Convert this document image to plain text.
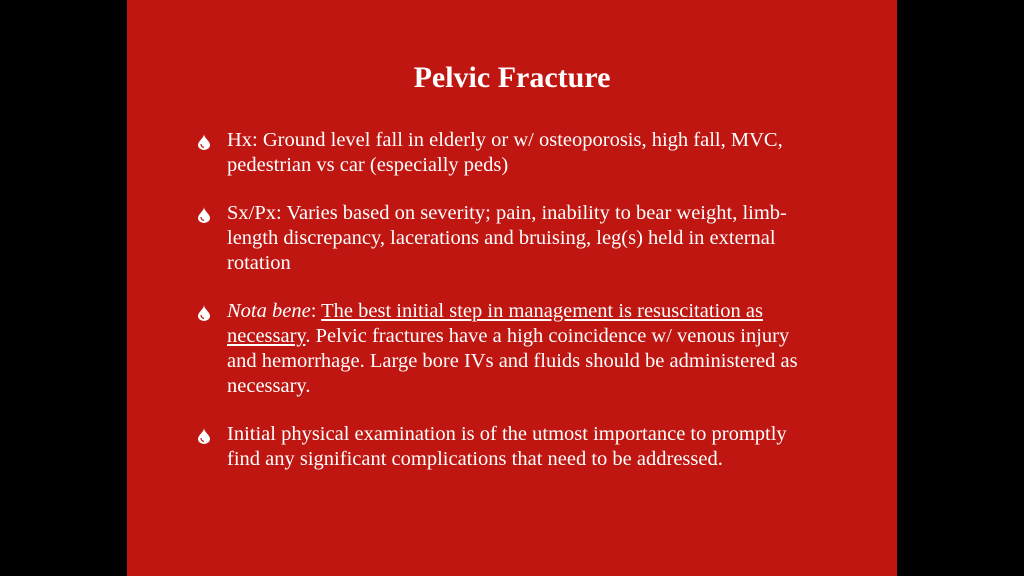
Pelvic Fracture
Hx: Ground level fall in elderly or w/ osteoporosis, high fall, MVC, pedestrian vs car (especially peds)
Sx/Px: Varies based on severity; pain, inability to bear weight, limb-length discrepancy, lacerations and bruising, leg(s) held in external rotation
Nota bene: The best initial step in management is resuscitation as necessary. Pelvic fractures have a high coincidence w/ venous injury and hemorrhage. Large bore IVs and fluids should be administered as necessary.
Initial physical examination is of the utmost importance to promptly find any significant complications that need to be addressed.
